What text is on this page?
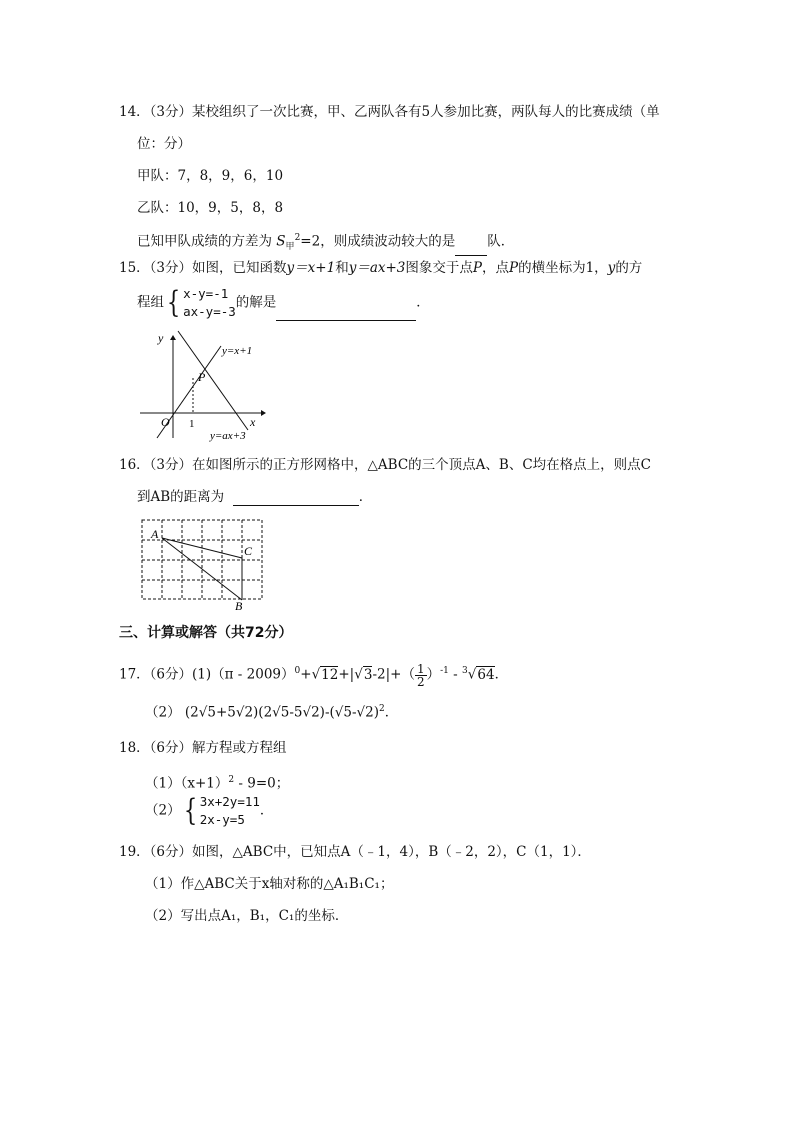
14．（3分）某校组织了一次比赛，甲、乙两队各有5人参加比赛，两队每人的比赛成绩（单
位：分）
甲队：7，8，9，6，10
乙队：10，9，5，8，8
已知甲队成绩的方差为 $S_甲^2=2$，则成绩波动较大的是 队．
15．（3分）如图，已知函数y＝x+1和y＝ax+3图象交于点P，点P的横坐标为1，y的方
程组{ x-y=-1
ax-y=-3
的解是	．
y
x
O 1
P
y=x+1
y=ax+3
16．（3分）在如图所示的正方形网格中，△ABC的三个顶点A、B、C均在格点上，则点C
到AB的距离为	．
A
C
B
三、计算或解答（共72分）
17．（6分）$(1)(\pi - 2009)^0+√12+|√3-2|+( \frac{1}{2} )^{-1} - ^3√64$．
（2） $(2√5+5√2)(2√5-5√2)-(√5-√2)^2$．
18．（6分）解方程或方程组
$(1)(x+1)^2 - 9=0$；
（2）{ 3x+2y=11
2x-y=5
．
19．（6分）如图，△ABC中，已知点A（﹣1，4），B（﹣2，2），C（1，1）．
（1）作△ABC关于x轴对称的△A₁B₁C₁；
（2）写出点A₁，B₁，C₁的坐标．
